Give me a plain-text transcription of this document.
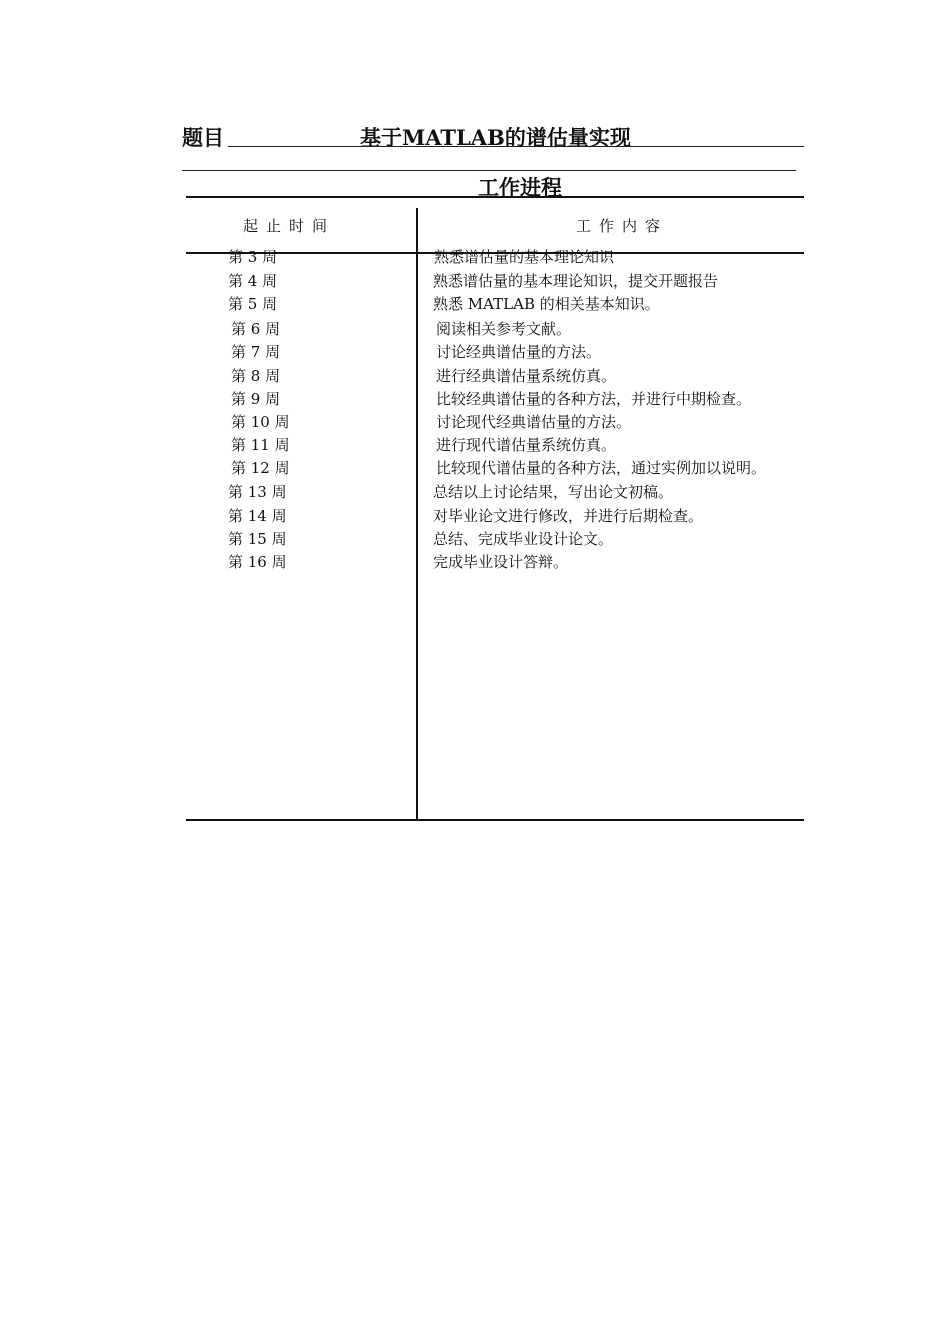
题目	基于MATLAB的谱估量实现
工作进程
起止时间	工作内容
第 3 周	熟悉谱估量的基本理论知识
第 4 周	熟悉谱估量的基本理论知识，提交开题报告
第 5 周	熟悉 MATLAB 的相关基本知识。
第 6 周	阅读相关参考文献。
第 7 周	讨论经典谱估量的方法。
第 8 周	进行经典谱估量系统仿真。
第 9 周	比较经典谱估量的各种方法，并进行中期检查。
第 10 周	讨论现代经典谱估量的方法。
第 11 周	进行现代谱估量系统仿真。
第 12 周	比较现代谱估量的各种方法，通过实例加以说明。
第 13 周	总结以上讨论结果，写出论文初稿。
第 14 周	对毕业论文进行修改，并进行后期检查。
第 15 周	总结、完成毕业设计论文。
第 16 周	完成毕业设计答辩。
